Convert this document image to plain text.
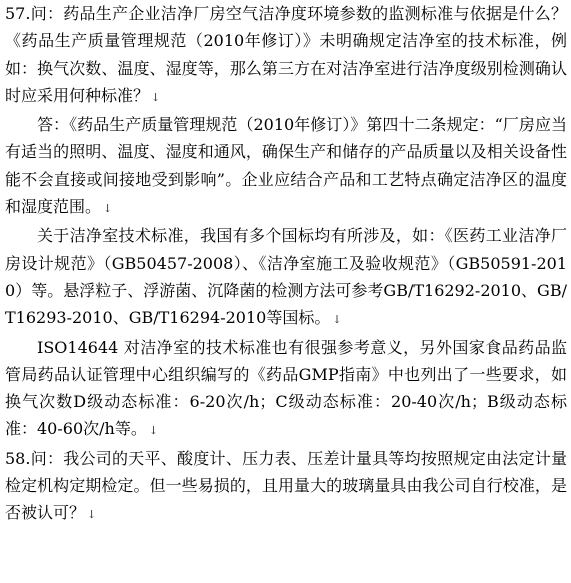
57.问：药品生产企业洁净厂房空气洁净度环境参数的监测标准与依据是什么？《药品生产质量管理规范（2010年修订）》未明确规定洁净室的技术标准，例如：换气次数、温度、湿度等，那么第三方在对洁净室进行洁净度级别检测确认时应采用何种标准？ ↓

答：《药品生产质量管理规范（2010年修订）》第四十二条规定：“厂房应当有适当的照明、温度、湿度和通风，确保生产和储存的产品质量以及相关设备性能不会直接或间接地受到影响”。企业应结合产品和工艺特点确定洁净区的温度和湿度范围。 ↓

关于洁净室技术标准，我国有多个国标均有所涉及，如：《医药工业洁净厂房设计规范》（GB50457-2008）、《洁净室施工及验收规范》（GB50591-2010）等。悬浮粒子、浮游菌、沉降菌的检测方法可参考GB/T16292-2010、GB/T16293-2010、GB/T16294-2010等国标。 ↓

ISO14644 对洁净室的技术标准也有很强参考意义，另外国家食品药品监管局药品认证管理中心组织编写的《药品GMP指南》中也列出了一些要求，如换气次数D级动态标准：6-20次/h；C级动态标准：20-40次/h；B级动态标准：40-60次/h等。 ↓

58.问：我公司的天平、酸度计、压力表、压差计量具等均按照规定由法定计量检定机构定期检定。但一些易损的，且用量大的玻璃量具由我公司自行校准，是否被认可？ ↓
